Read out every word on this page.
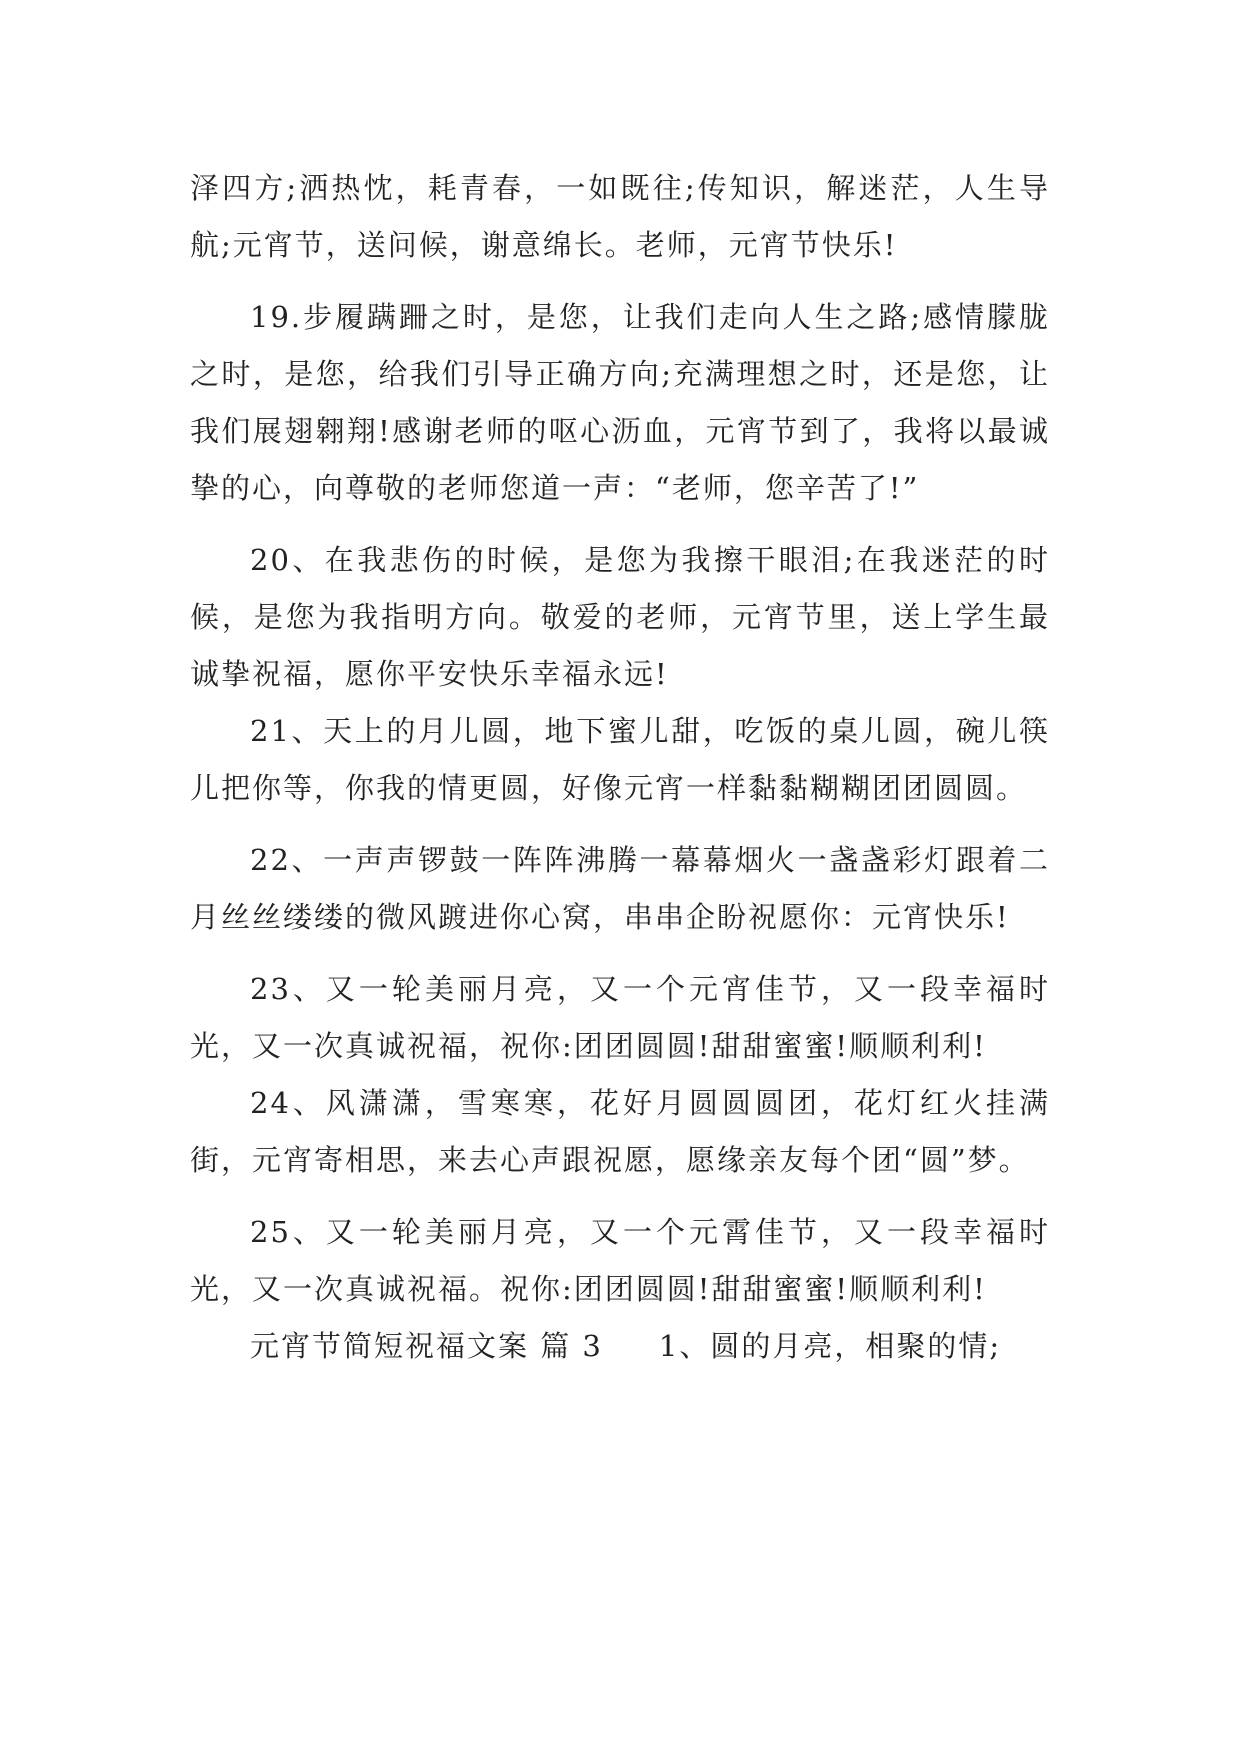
泽四方;洒热忱，耗青春，一如既往;传知识，解迷茫，人生导航;元宵节，送问候，谢意绵长。老师，元宵节快乐!

19.步履蹒跚之时，是您，让我们走向人生之路;感情朦胧之时，是您，给我们引导正确方向;充满理想之时，还是您，让我们展翅翱翔!感谢老师的呕心沥血，元宵节到了，我将以最诚挚的心，向尊敬的老师您道一声：“老师，您辛苦了!”

20、在我悲伤的时候，是您为我擦干眼泪;在我迷茫的时候，是您为我指明方向。敬爱的老师，元宵节里，送上学生最诚挚祝福，愿你平安快乐幸福永远!

21、天上的月儿圆，地下蜜儿甜，吃饭的桌儿圆，碗儿筷儿把你等，你我的情更圆，好像元宵一样黏黏糊糊团团圆圆。

22、一声声锣鼓一阵阵沸腾一幕幕烟火一盏盏彩灯跟着二月丝丝缕缕的微风踱进你心窝，串串企盼祝愿你：元宵快乐!

23、又一轮美丽月亮，又一个元宵佳节，又一段幸福时光，又一次真诚祝福，祝你:团团圆圆!甜甜蜜蜜!顺顺利利!

24、风潇潇，雪寒寒，花好月圆圆圆团，花灯红火挂满街，元宵寄相思，来去心声跟祝愿，愿缘亲友每个团“圆”梦。

25、又一轮美丽月亮，又一个元霄佳节，又一段幸福时光，又一次真诚祝福。祝你:团团圆圆!甜甜蜜蜜!顺顺利利!

元宵节简短祝福文案 篇 3 1、圆的月亮，相聚的情;
